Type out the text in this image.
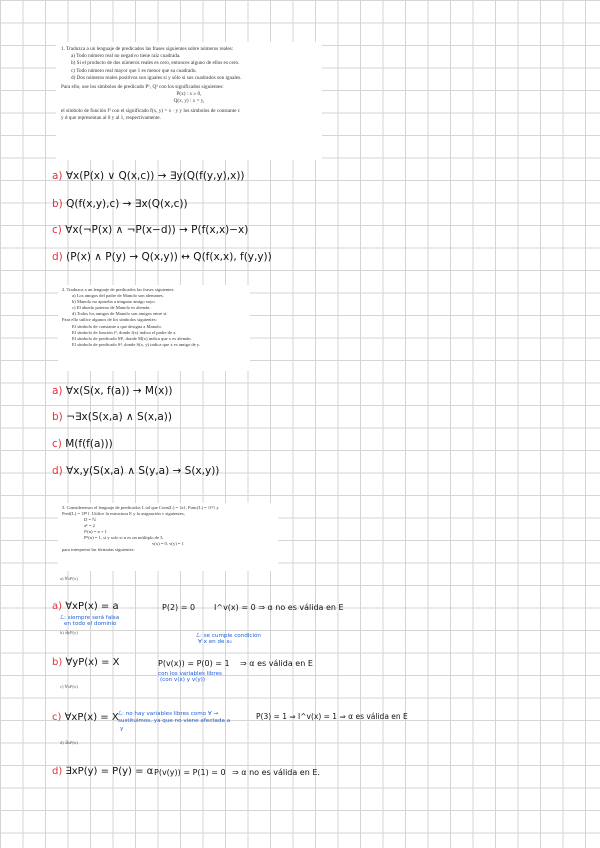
1. Traduzca a un lenguaje de predicados las frases siguientes sobre números reales:

a) Todo número real no negativo tiene raíz cuadrada.

b) Si el producto de dos números reales es cero, entonces alguno de ellos es cero.

c) Todo número real mayor que 1 es menor que su cuadrado.

d) Dos números reales positivos son iguales si y sólo si sus cuadrados son iguales.

Para ello, use los símbolos de predicado P¹, Q² con los significados siguientes:

P(x) : x ≥ 0,

Q(x, y) : x = y,

el símbolo de función f² con el significado f(x, y) = x · y y los símbolos de constante c

y d que representan al 0 y al 1, respectivamente.

a) ∀x(P(x) ∨ Q(x,c)) → ∃y(Q(f(y,y),x))
b) Q(f(x,y),c) → ∃x(Q(x,c))
c) ∀x(¬P(x) ∧ ¬P(x−d)) → P(f(x,x)−x)
d) (P(x) ∧ P(y) → Q(x,y)) ↔ Q(f(x,x), f(y,y))

2. Traduzca a un lenguaje de predicados las frases siguientes:

a) Los amigos del padre de Manolo son alemanes.

b) Manolo no aprueba a ninguno amigo suyo.

c) El abuelo paterno de Manolo es alemán.

d) Todos los amigos de Manolo son amigos entre sí.

Para ello utilice algunos de los símbolos siguientes:

El símbolo de constante a que designa a Manolo.

El símbolo de función f¹, donde f(x) indica el padre de x.

El símbolo de predicado M¹, donde M(x) indica que x es alemán.

El símbolo de predicado S², donde S(x, y) indica que x es amigo de y.

a) ∀x(S(x, f(a)) → M(x))
b) ¬∃x(S(x,a) ∧ S(x,a))
c) M(f(f(a)))
d) ∀x,y(S(x,a) ∧ S(y,a) → S(x,y))

3. Consideremos el lenguaje de predicados L tal que Cons(L) = {a}, Func(L) = {f¹} y

Pred(L) = {P¹}. Utilice la estructura E y la asignación v siguientes,

D = ℕ

aᴱ = 2

fᴱ(n) = n + 1

Pᴱ(n) = 1, si y solo si n es un múltiplo de 3,

v(x) = 0, v(y) = 1

para interpretar las fórmulas siguientes:

a) ∀xP(x)
a) ∀xP(x) = a	P(2) = 0 I^v(x) = 0 ⇒ α no es válida en E
ℒ: siempre será falsa
en todo el dominio
b) ∃yP(y)
ℒ: se cumple condición
∀ x en de x₀
b) ∀yP(x) = X	P(v(x)) = P(0) = 1 ⇒ α es válida en E
con los variables libres
(con v(x) y v(y))
c) ∀xP(x)
c) ∀xP(x) = X ℒ: no hay variables libres como ∀ →
sustituimos, ya que no viene afectada a
y
P(3) = 1 ⇒ I^v(x) = 1 ⇒ α es válida en E
d) ∃xP(x)
d) ∃xP(y) = P(y) = α P(v(y)) = P(1) = 0 ⇒ α no es válida en E.
